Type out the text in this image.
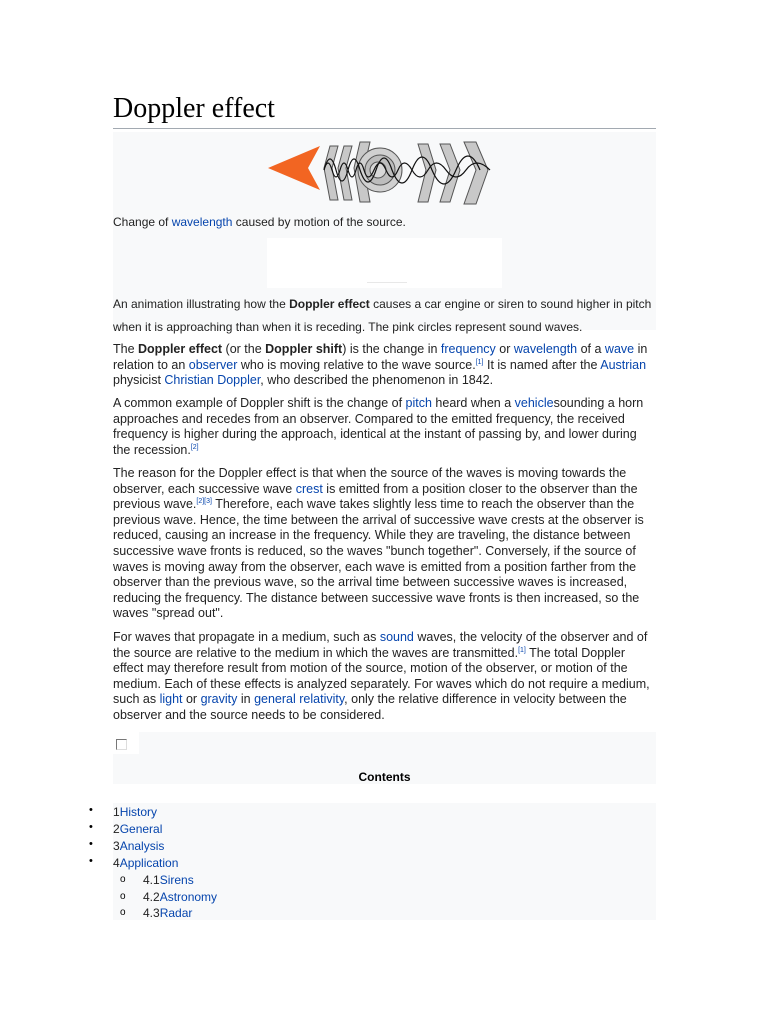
Doppler effect
Change of wavelength caused by motion of the source.
An animation illustrating how the Doppler effect causes a car engine or siren to sound higher in pitch when it is approaching than when it is receding. The pink circles represent sound waves.

The Doppler effect (or the Doppler shift) is the change in frequency or wavelength of a wave in relation to an observer who is moving relative to the wave source.[1] It is named after the Austrian physicist Christian Doppler, who described the phenomenon in 1842.

A common example of Doppler shift is the change of pitch heard when a vehiclesounding a horn approaches and recedes from an observer. Compared to the emitted frequency, the received frequency is higher during the approach, identical at the instant of passing by, and lower during the recession.[2]

The reason for the Doppler effect is that when the source of the waves is moving towards the observer, each successive wave crest is emitted from a position closer to the observer than the previous wave.[2][3] Therefore, each wave takes slightly less time to reach the observer than the previous wave. Hence, the time between the arrival of successive wave crests at the observer is reduced, causing an increase in the frequency. While they are traveling, the distance between successive wave fronts is reduced, so the waves "bunch together". Conversely, if the source of waves is moving away from the observer, each wave is emitted from a position farther from the observer than the previous wave, so the arrival time between successive waves is increased, reducing the frequency. The distance between successive wave fronts is then increased, so the waves "spread out".

For waves that propagate in a medium, such as sound waves, the velocity of the observer and of the source are relative to the medium in which the waves are transmitted.[1] The total Doppler effect may therefore result from motion of the source, motion of the observer, or motion of the medium. Each of these effects is analyzed separately. For waves which do not require a medium, such as light or gravity in general relativity, only the relative difference in velocity between the observer and the source needs to be considered.

Contents
• 1History
• 2General
• 3Analysis
• 4Application
o 4.1Sirens
o 4.2Astronomy
o 4.3Radar
